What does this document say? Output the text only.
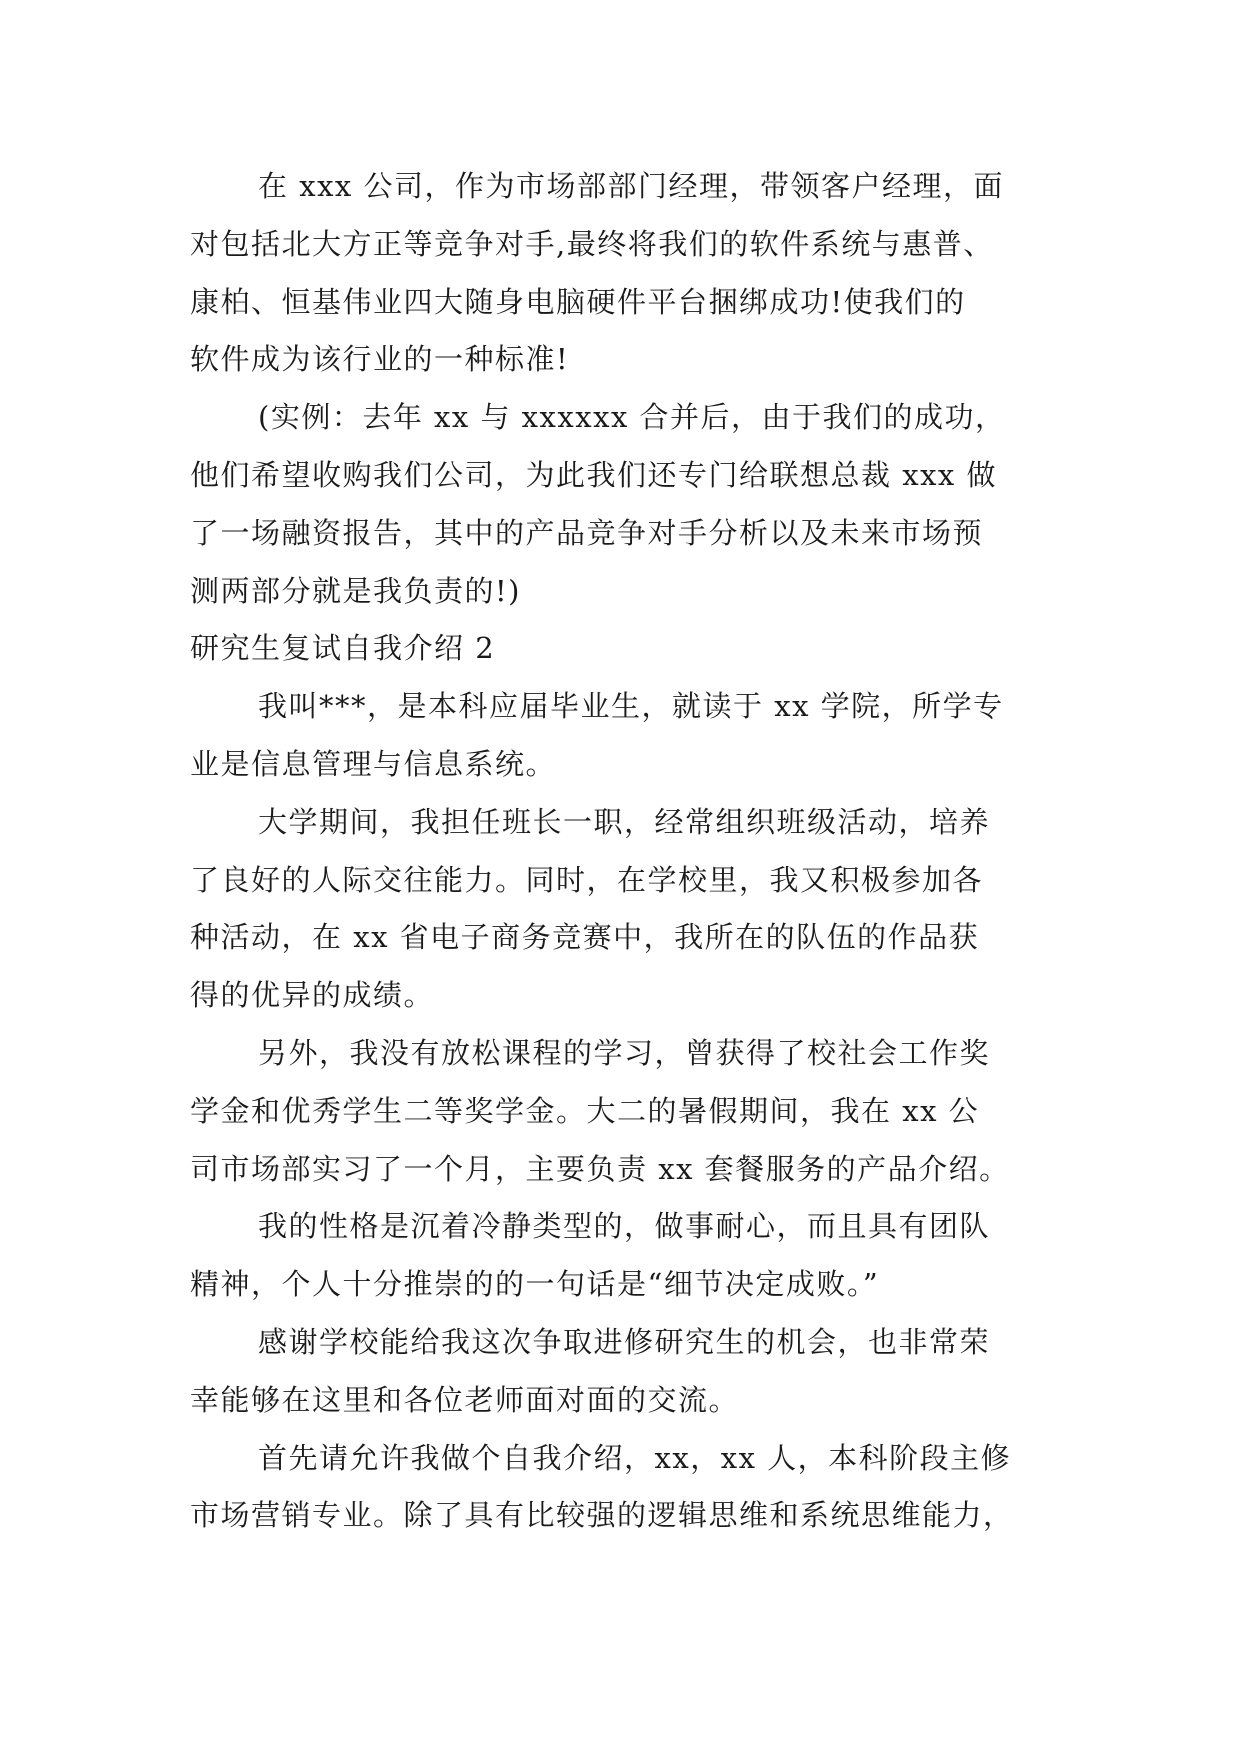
在 xxx 公司，作为市场部部门经理，带领客户经理，面
对包括北大方正等竞争对手,最终将我们的软件系统与惠普、
康柏、恒基伟业四大随身电脑硬件平台捆绑成功!使我们的
软件成为该行业的一种标准!
(实例：去年 xx 与 xxxxxx 合并后，由于我们的成功，
他们希望收购我们公司，为此我们还专门给联想总裁 xxx 做
了一场融资报告，其中的产品竞争对手分析以及未来市场预
测两部分就是我负责的!)
研究生复试自我介绍 2
我叫***，是本科应届毕业生，就读于 xx 学院，所学专
业是信息管理与信息系统。
大学期间，我担任班长一职，经常组织班级活动，培养
了良好的人际交往能力。同时，在学校里，我又积极参加各
种活动，在 xx 省电子商务竞赛中，我所在的队伍的作品获
得的优异的成绩。
另外，我没有放松课程的学习，曾获得了校社会工作奖
学金和优秀学生二等奖学金。大二的暑假期间，我在 xx 公
司市场部实习了一个月，主要负责 xx 套餐服务的产品介绍。
我的性格是沉着冷静类型的，做事耐心，而且具有团队
精神，个人十分推崇的的一句话是“细节决定成败。”
感谢学校能给我这次争取进修研究生的机会，也非常荣
幸能够在这里和各位老师面对面的交流。
首先请允许我做个自我介绍，xx，xx 人，本科阶段主修
市场营销专业。除了具有比较强的逻辑思维和系统思维能力，
